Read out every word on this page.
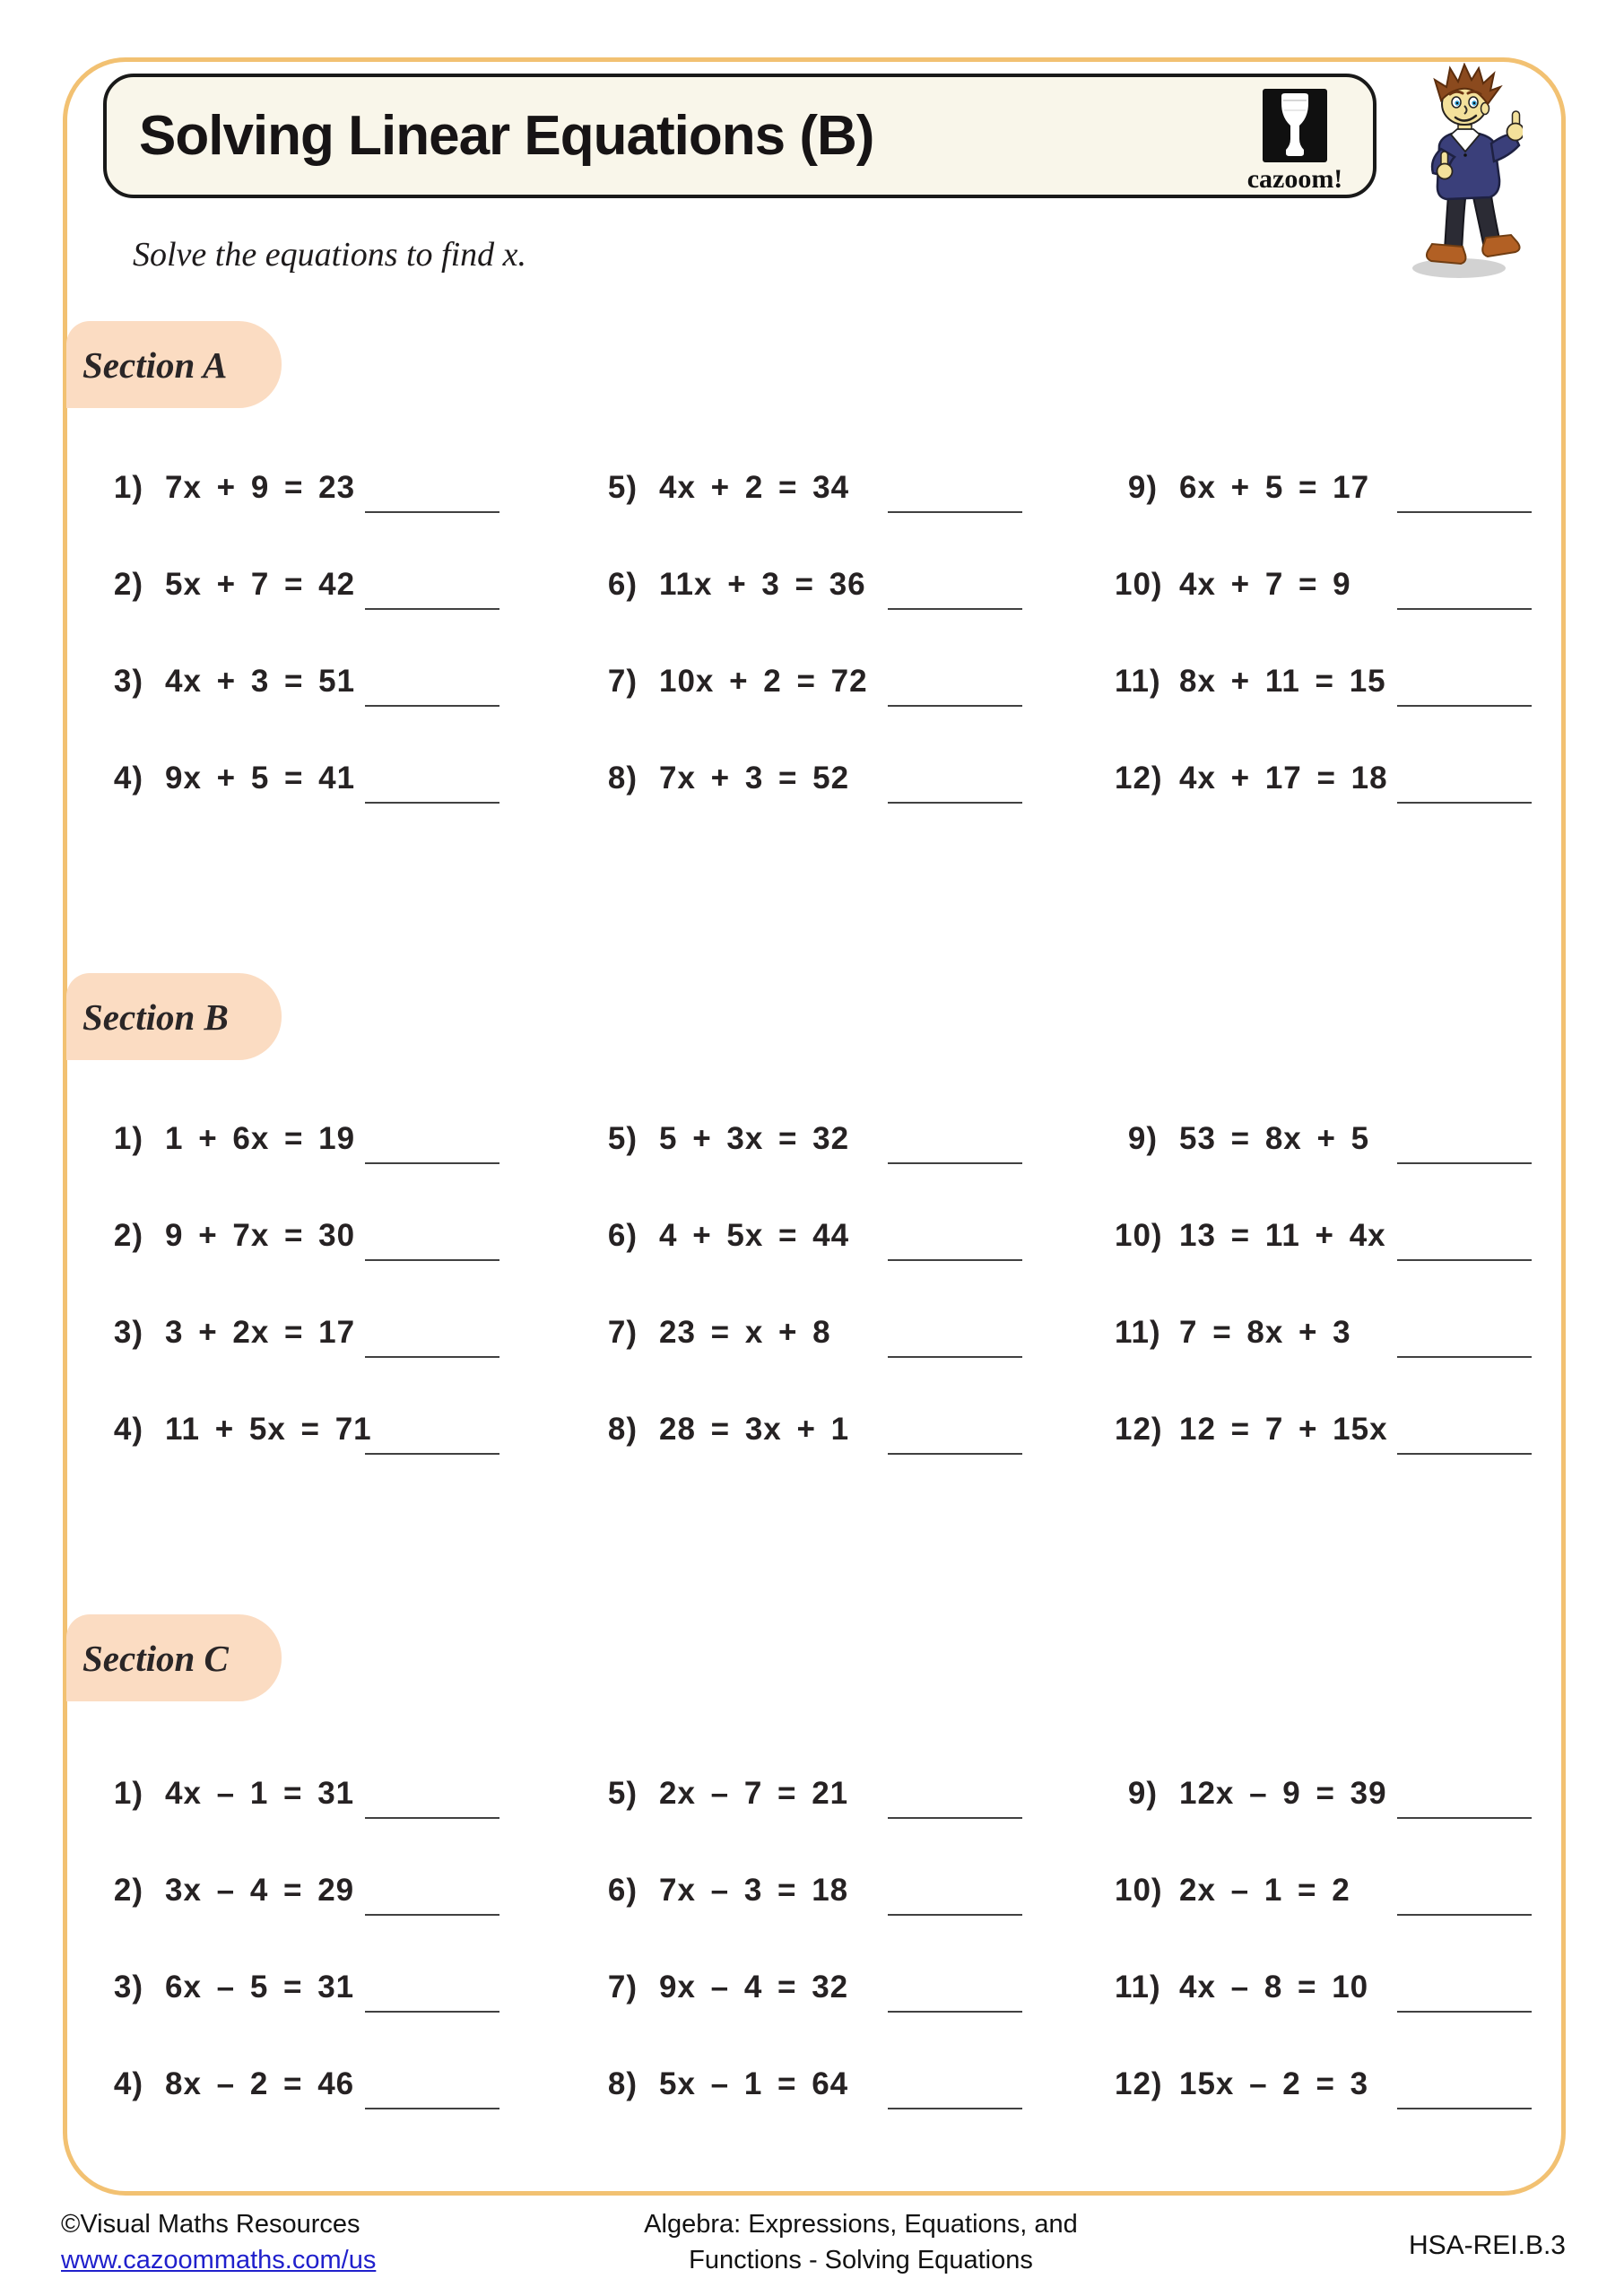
Solving Linear Equations (B)
cazoom!
Solve the equations to find x.
Section A
1) 7x + 9 = 23
2) 5x + 7 = 42
3) 4x + 3 = 51
4) 9x + 5 = 41
5) 4x + 2 = 34
6) 11x + 3 = 36
7) 10x + 2 = 72
8) 7x + 3 = 52
9) 6x + 5 = 17
10) 4x + 7 = 9
11) 8x + 11 = 15
12) 4x + 17 = 18
Section B
1) 1 + 6x = 19
2) 9 + 7x = 30
3) 3 + 2x = 17
4) 11 + 5x = 71
5) 5 + 3x = 32
6) 4 + 5x = 44
7) 23 = x + 8
8) 28 = 3x + 1
9) 53 = 8x + 5
10) 13 = 11 + 4x
11) 7 = 8x + 3
12) 12 = 7 + 15x
Section C
1) 4x – 1 = 31
2) 3x – 4 = 29
3) 6x – 5 = 31
4) 8x – 2 = 46
5) 2x – 7 = 21
6) 7x – 3 = 18
7) 9x – 4 = 32
8) 5x – 1 = 64
9) 12x – 9 = 39
10) 2x – 1 = 2
11) 4x – 8 = 10
12) 15x – 2 = 3
©Visual Maths Resources
www.cazoommaths.com/us
Algebra: Expressions, Equations, and
Functions - Solving Equations
HSA-REI.B.3
